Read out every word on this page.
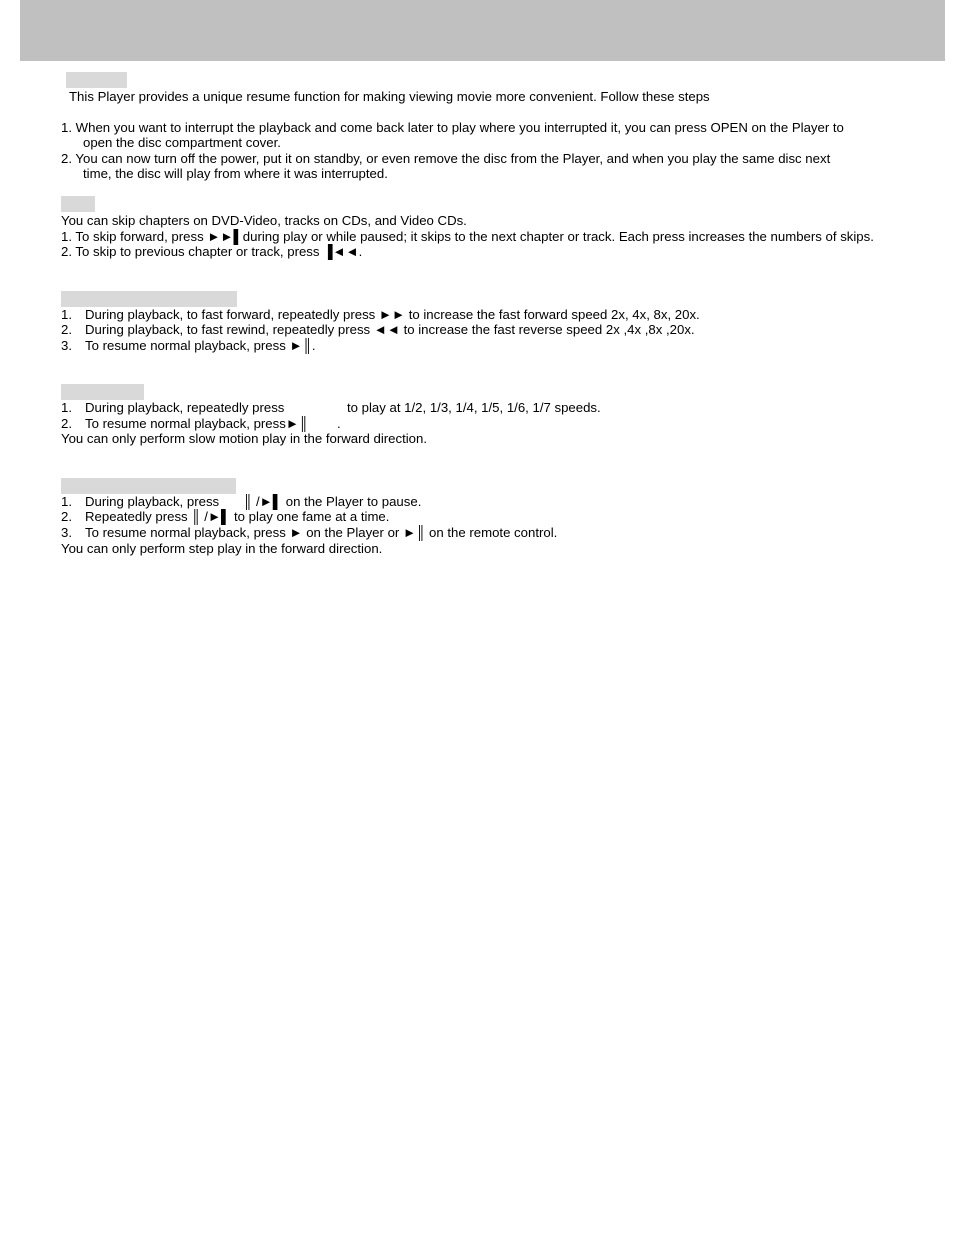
This Player provides a unique resume function for making viewing movie more convenient. Follow these steps
1. When you want to interrupt the playback and come back later to play where you interrupted it, you can press OPEN on the Player to
open the disc compartment cover.
2. You can now turn off the power, put it on standby, or even remove the disc from the Player, and when you play the same disc next
time, the disc will play from where it was interrupted.
You can skip chapters on DVD-Video, tracks on CDs, and Video CDs.
1. To skip forward, press ►►▌during play or while paused; it skips to the next chapter or track. Each press increases the numbers of skips.
2. To skip to previous chapter or track, press ▐◄◄.
1. During playback, to fast forward, repeatedly press ►► to increase the fast forward speed 2x, 4x, 8x, 20x.
2. During playback, to fast rewind, repeatedly press ◄◄ to increase the fast reverse speed 2x ,4x ,8x ,20x.
3. To resume normal playback, press ►║.
1. During playback, repeatedly press	to play at 1/2, 1/3, 1/4, 1/5, 1/6, 1/7 speeds.
2. To resume normal playback, press►║ .
You can only perform slow motion play in the forward direction.
1. During playback, press ║ /►▌ on the Player to pause.
2. Repeatedly press ║ /►▌ to play one fame at a time.
3. To resume normal playback, press ► on the Player or ►║ on the remote control.
You can only perform step play in the forward direction.
